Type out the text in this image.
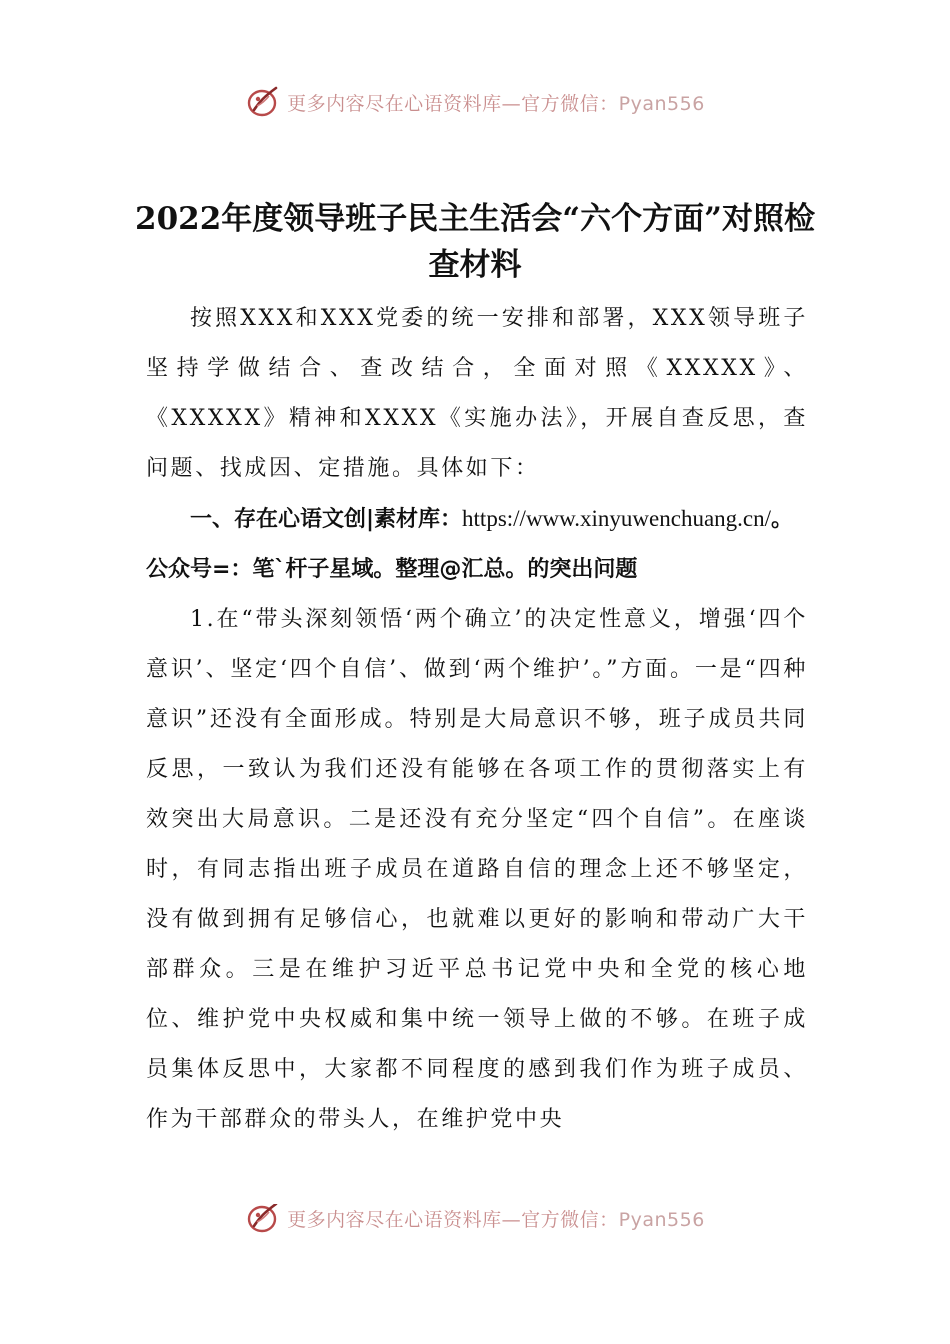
更多内容尽在心语资料库—官方微信：Pyan556
2022年度领导班子民主生活会“六个方面”对照检查材料

按照XXX和XXX党委的统一安排和部署，XXX领导班子坚持学做结合、查改结合，全面对照《XXXXX》、《XXXXX》精神和XXXX《实施办法》，开展自查反思，查问题、找成因、定措施。具体如下：

一、存在心语文创|素材库：https://www.xinyuwenchuang.cn/。公众号=：笔`杆子星域。整理@汇总。的突出问题

1.在“带头深刻领悟‘两个确立’的决定性意义，增强‘四个意识’、坚定‘四个自信’、做到‘两个维护’。”方面。一是“四种意识”还没有全面形成。特别是大局意识不够，班子成员共同反思，一致认为我们还没有能够在各项工作的贯彻落实上有效突出大局意识。二是还没有充分坚定“四个自信”。在座谈时，有同志指出班子成员在道路自信的理念上还不够坚定，没有做到拥有足够信心，也就难以更好的影响和带动广大干部群众。三是在维护习近平总书记党中央和全党的核心地位、维护党中央权威和集中统一领导上做的不够。在班子成员集体反思中，大家都不同程度的感到我们作为班子成员、作为干部群众的带头人，在维护党中央

更多内容尽在心语资料库—官方微信：Pyan556
